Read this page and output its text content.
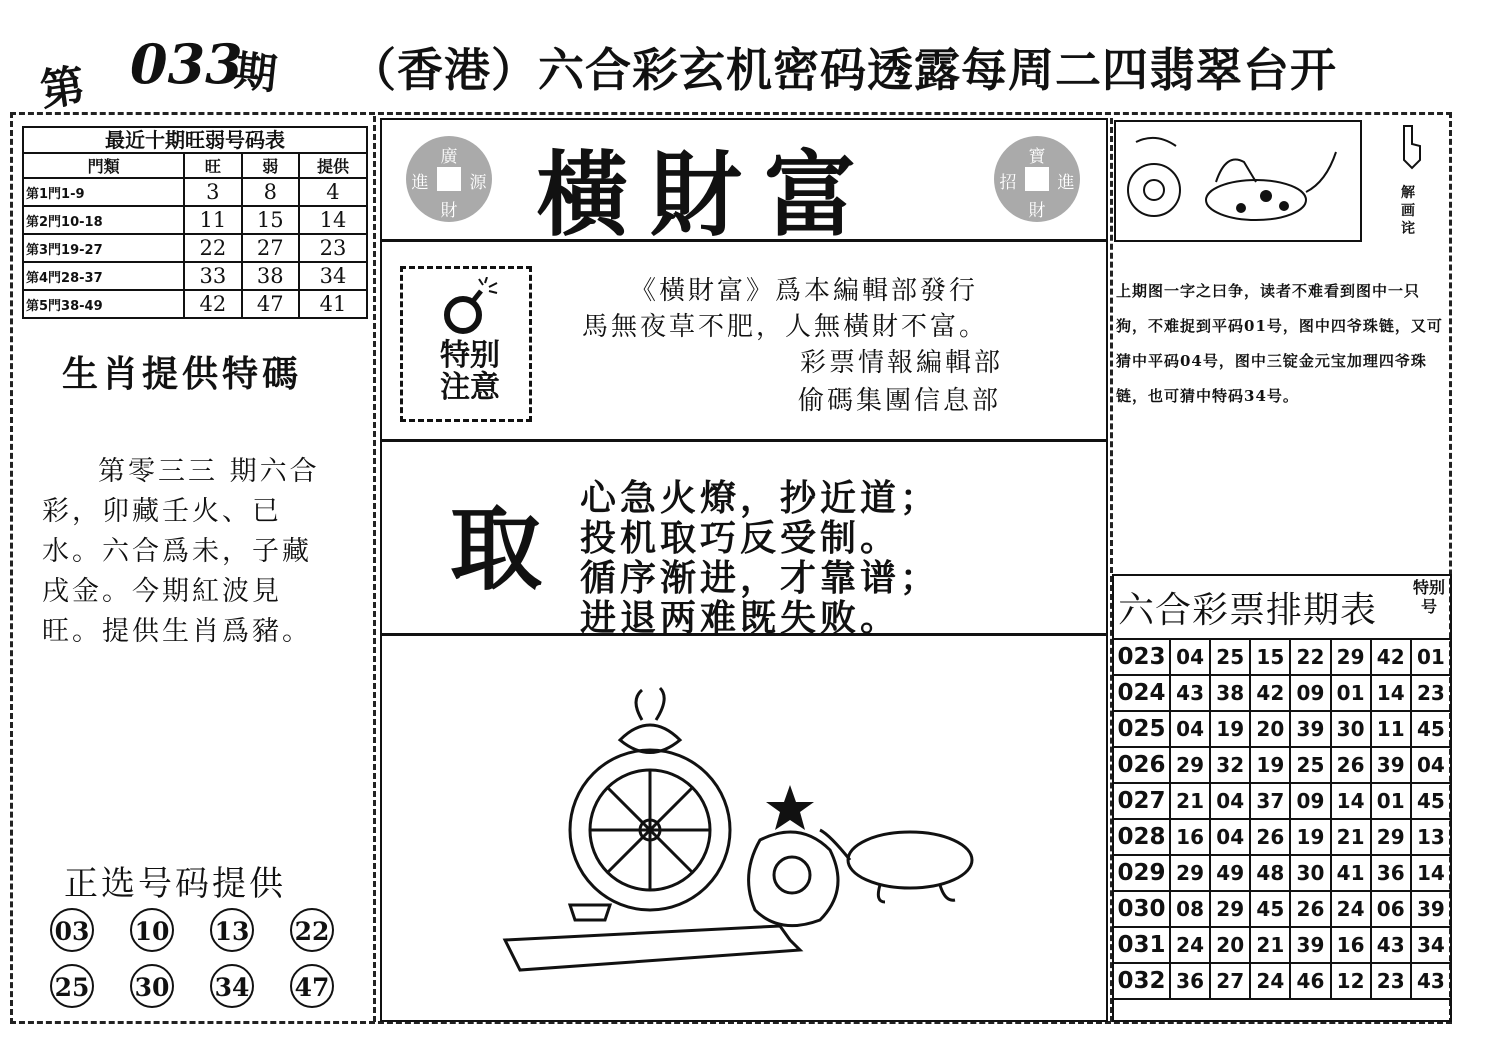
第 033
期 （香港）六合彩玄机密码透露每周二四翡翠台开
最近十期旺弱号码表
門類	旺	弱	提供
第1門1-9	3	8	4
第2門10-18	11	15	14
第3門19-27	22	27	23
第4門28-37	33	38	34
第5門38-49	42	47	41
生肖提供特碼
第零三三 期六合
彩，卯藏壬火、已
水。六合爲未，子藏
戌金。今期紅波見
旺。提供生肖爲豬。
正选号码提供
03 10 13 22
25 30 34 47
廣
進 源
財
寶
招 進
財
橫財富
特别
注意
《橫財富》爲本編輯部發行
馬無夜草不肥，人無橫財不富。
彩票情報編輯部
偷碼集團信息部
取 心急火燎，抄近道；
投机取巧反受制。
循序渐进，才靠谱；
进退两难既失败。
解画诧
上期图一字之曰争，读者不难看到图中一只狗，不难捉到平码01号，图中四爷珠链，又可猜中平码04号，图中三锭金元宝加理四爷珠链，也可猜中特码34号。
六合彩票排期表
特别号
023	04	25	15	22	29	42	01
024	43	38	42	09	01	14	23
025	04	19	20	39	30	11	45
026	29	32	19	25	26	39	04
027	21	04	37	09	14	01	45
028	16	04	26	19	21	29	13
029	29	49	48	30	41	36	14
030	08	29	45	26	24	06	39
031	24	20	21	39	16	43	34
032	36	27	24	46	12	23	43
